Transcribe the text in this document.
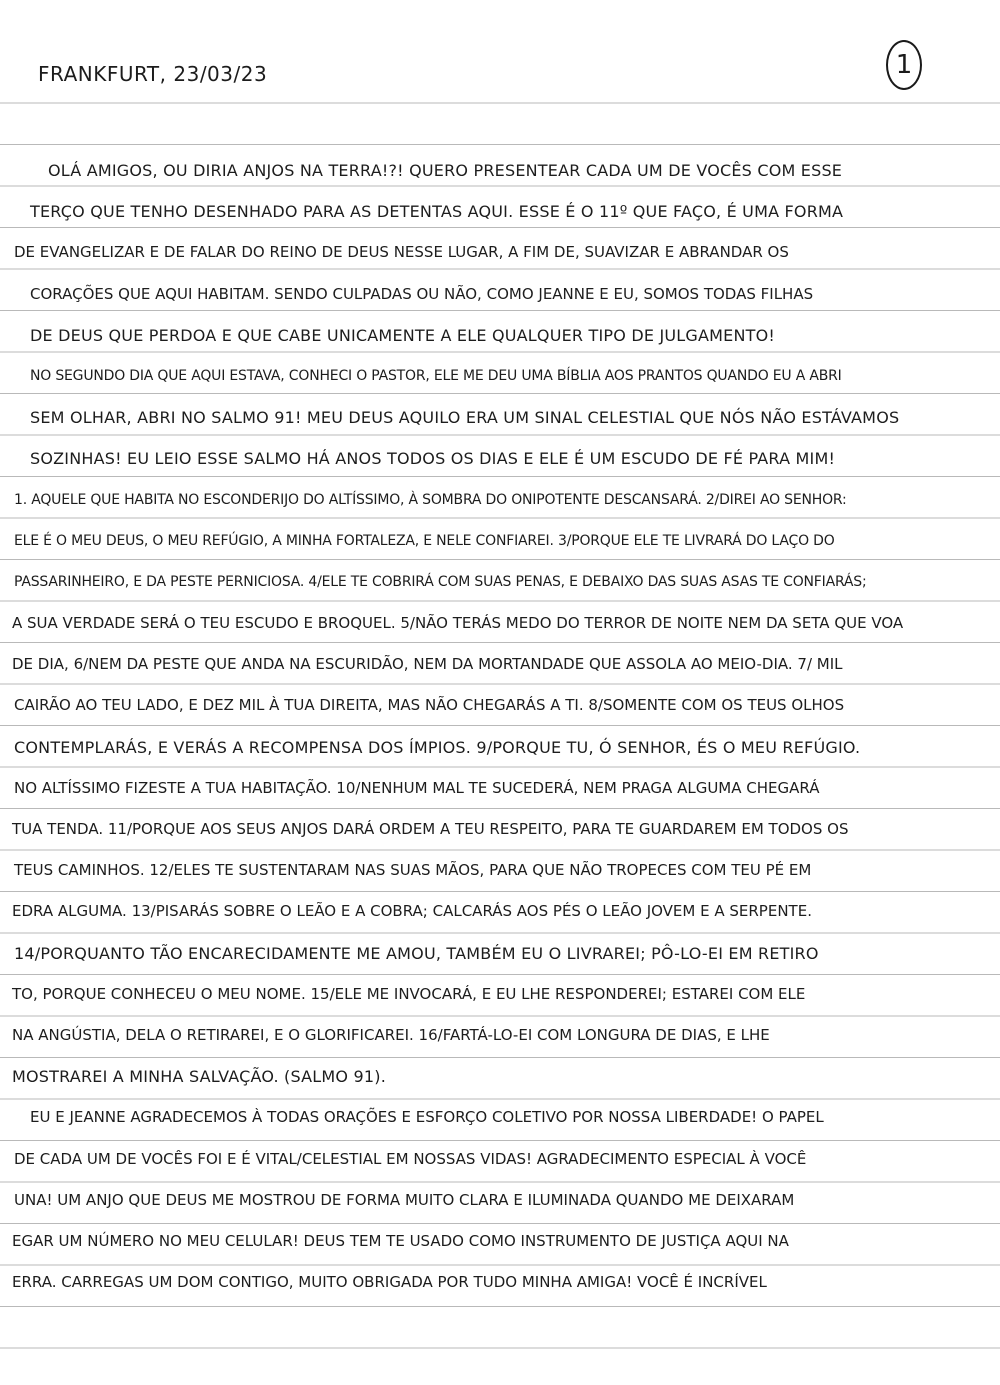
FRANKFURT, 23/03/23	1
OLÁ AMIGOS, OU DIRIA ANJOS NA TERRA!?! QUERO PRESENTEAR CADA UM DE VOCÊS COM ESSE
TERÇO QUE TENHO DESENHADO PARA AS DETENTAS AQUI. ESSE É O 11º QUE FAÇO, É UMA FORMA
DE EVANGELIZAR E DE FALAR DO REINO DE DEUS NESSE LUGAR, A FIM DE, SUAVIZAR E ABRANDAR OS
CORAÇÕES QUE AQUI HABITAM. SENDO CULPADAS OU NÃO, COMO JEANNE E EU, SOMOS TODAS FILHAS
DE DEUS QUE PERDOA E QUE CABE UNICAMENTE A ELE QUALQUER TIPO DE JULGAMENTO!
NO SEGUNDO DIA QUE AQUI ESTAVA, CONHECI O PASTOR, ELE ME DEU UMA BÍBLIA AOS PRANTOS QUANDO EU A ABRI
SEM OLHAR, ABRI NO SALMO 91! MEU DEUS AQUILO ERA UM SINAL CELESTIAL QUE NÓS NÃO ESTÁVAMOS
SOZINHAS! EU LEIO ESSE SALMO HÁ ANOS TODOS OS DIAS E ELE É UM ESCUDO DE FÉ PARA MIM!
1. AQUELE QUE HABITA NO ESCONDERIJO DO ALTÍSSIMO, À SOMBRA DO ONIPOTENTE DESCANSARÁ. 2/DIREI AO SENHOR:
ELE É O MEU DEUS, O MEU REFÚGIO, A MINHA FORTALEZA, E NELE CONFIAREI. 3/PORQUE ELE TE LIVRARÁ DO LAÇO DO
PASSARINHEIRO, E DA PESTE PERNICIOSA. 4/ELE TE COBRIRÁ COM SUAS PENAS, E DEBAIXO DAS SUAS ASAS TE CONFIARÁS;
A SUA VERDADE SERÁ O TEU ESCUDO E BROQUEL. 5/NÃO TERÁS MEDO DO TERROR DE NOITE NEM DA SETA QUE VOA
DE DIA, 6/NEM DA PESTE QUE ANDA NA ESCURIDÃO, NEM DA MORTANDADE QUE ASSOLA AO MEIO-DIA. 7/ MIL
CAIRÃO AO TEU LADO, E DEZ MIL À TUA DIREITA, MAS NÃO CHEGARÁS A TI. 8/SOMENTE COM OS TEUS OLHOS
CONTEMPLARÁS, E VERÁS A RECOMPENSA DOS ÍMPIOS. 9/PORQUE TU, Ó SENHOR, ÉS O MEU REFÚGIO.
NO ALTÍSSIMO FIZESTE A TUA HABITAÇÃO. 10/NENHUM MAL TE SUCEDERÁ, NEM PRAGA ALGUMA CHEGARÁ
TUA TENDA. 11/PORQUE AOS SEUS ANJOS DARÁ ORDEM A TEU RESPEITO, PARA TE GUARDAREM EM TODOS OS
TEUS CAMINHOS. 12/ELES TE SUSTENTARAM NAS SUAS MÃOS, PARA QUE NÃO TROPECES COM TEU PÉ EM
EDRA ALGUMA. 13/PISARÁS SOBRE O LEÃO E A COBRA; CALCARÁS AOS PÉS O LEÃO JOVEM E A SERPENTE.
14/PORQUANTO TÃO ENCARECIDAMENTE ME AMOU, TAMBÉM EU O LIVRAREI; PÔ-LO-EI EM RETIRO
TO, PORQUE CONHECEU O MEU NOME. 15/ELE ME INVOCARÁ, E EU LHE RESPONDEREI; ESTAREI COM ELE
NA ANGÚSTIA, DELA O RETIRAREI, E O GLORIFICAREI. 16/FARTÁ-LO-EI COM LONGURA DE DIAS, E LHE
MOSTRAREI A MINHA SALVAÇÃO. (SALMO 91).
EU E JEANNE AGRADECEMOS À TODAS ORAÇÕES E ESFORÇO COLETIVO POR NOSSA LIBERDADE! O PAPEL
DE CADA UM DE VOCÊS FOI E É VITAL/CELESTIAL EM NOSSAS VIDAS! AGRADECIMENTO ESPECIAL À VOCÊ
UNA! UM ANJO QUE DEUS ME MOSTROU DE FORMA MUITO CLARA E ILUMINADA QUANDO ME DEIXARAM
EGAR UM NÚMERO NO MEU CELULAR! DEUS TEM TE USADO COMO INSTRUMENTO DE JUSTIÇA AQUI NA
ERRA. CARREGAS UM DOM CONTIGO, MUITO OBRIGADA POR TUDO MINHA AMIGA! VOCÊ É INCRÍVEL
